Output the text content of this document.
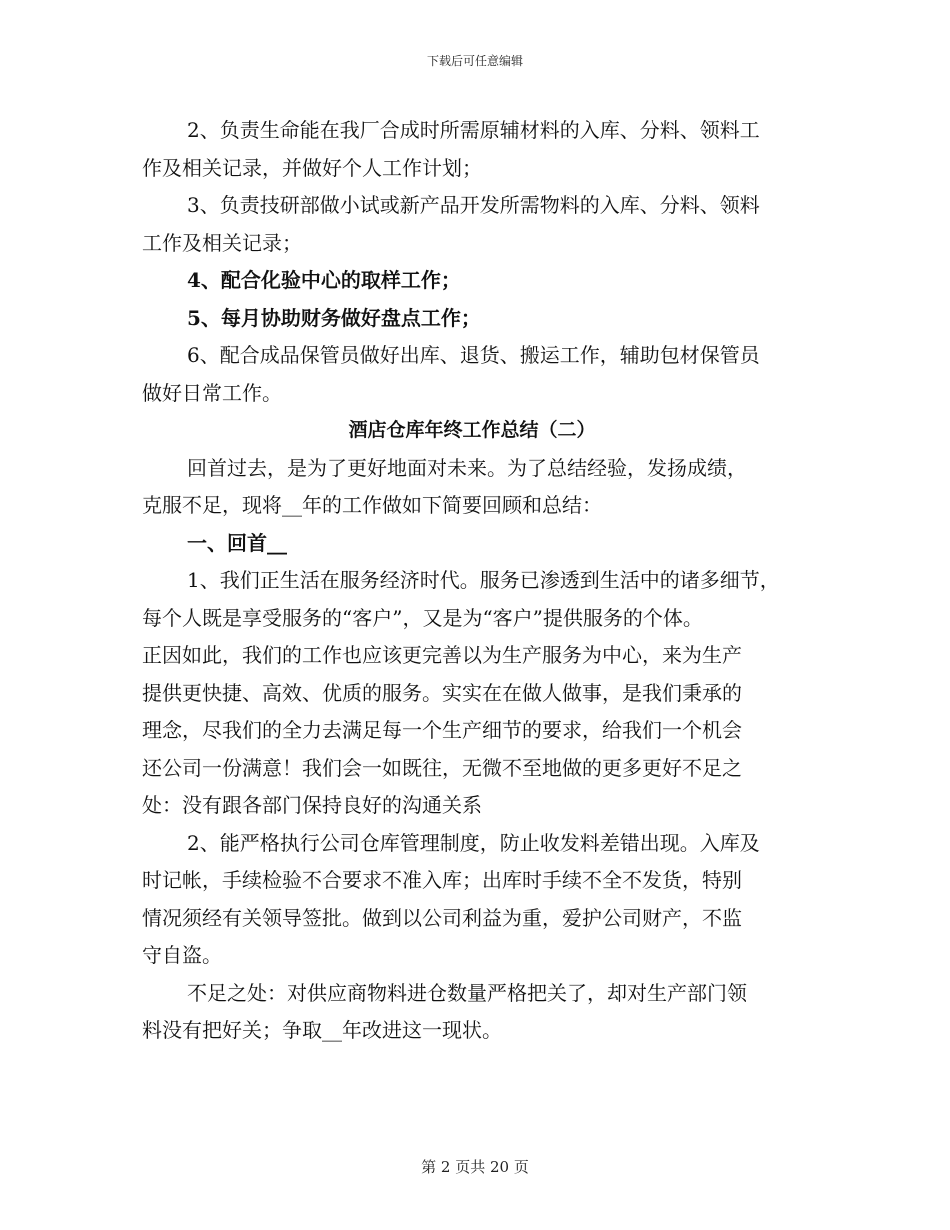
下载后可任意编辑
2、负责生命能在我厂合成时所需原辅材料的入库、分料、领料工
作及相关记录，并做好个人工作计划；
3、负责技研部做小试或新产品开发所需物料的入库、分料、领料
工作及相关记录；
4、配合化验中心的取样工作；
5、每月协助财务做好盘点工作；
6、配合成品保管员做好出库、退货、搬运工作，辅助包材保管员
做好日常工作。
酒店仓库年终工作总结（二）
回首过去，是为了更好地面对未来。为了总结经验，发扬成绩，
克服不足，现将__年的工作做如下简要回顾和总结：
一、回首__
1、我们正生活在服务经济时代。服务已渗透到生活中的诸多细节，
每个人既是享受服务的“客户”，又是为“客户”提供服务的个体。
正因如此，我们的工作也应该更完善以为生产服务为中心，来为生产
提供更快捷、高效、优质的服务。实实在在做人做事，是我们秉承的
理念，尽我们的全力去满足每一个生产细节的要求，给我们一个机会
还公司一份满意！我们会一如既往，无微不至地做的更多更好不足之
处：没有跟各部门保持良好的沟通关系
2、能严格执行公司仓库管理制度，防止收发料差错出现。入库及
时记帐，手续检验不合要求不准入库；出库时手续不全不发货，特别
情况须经有关领导签批。做到以公司利益为重，爱护公司财产，不监
守自盗。
不足之处：对供应商物料进仓数量严格把关了，却对生产部门领
料没有把好关；争取__年改进这一现状。
第 2 页共 20 页
